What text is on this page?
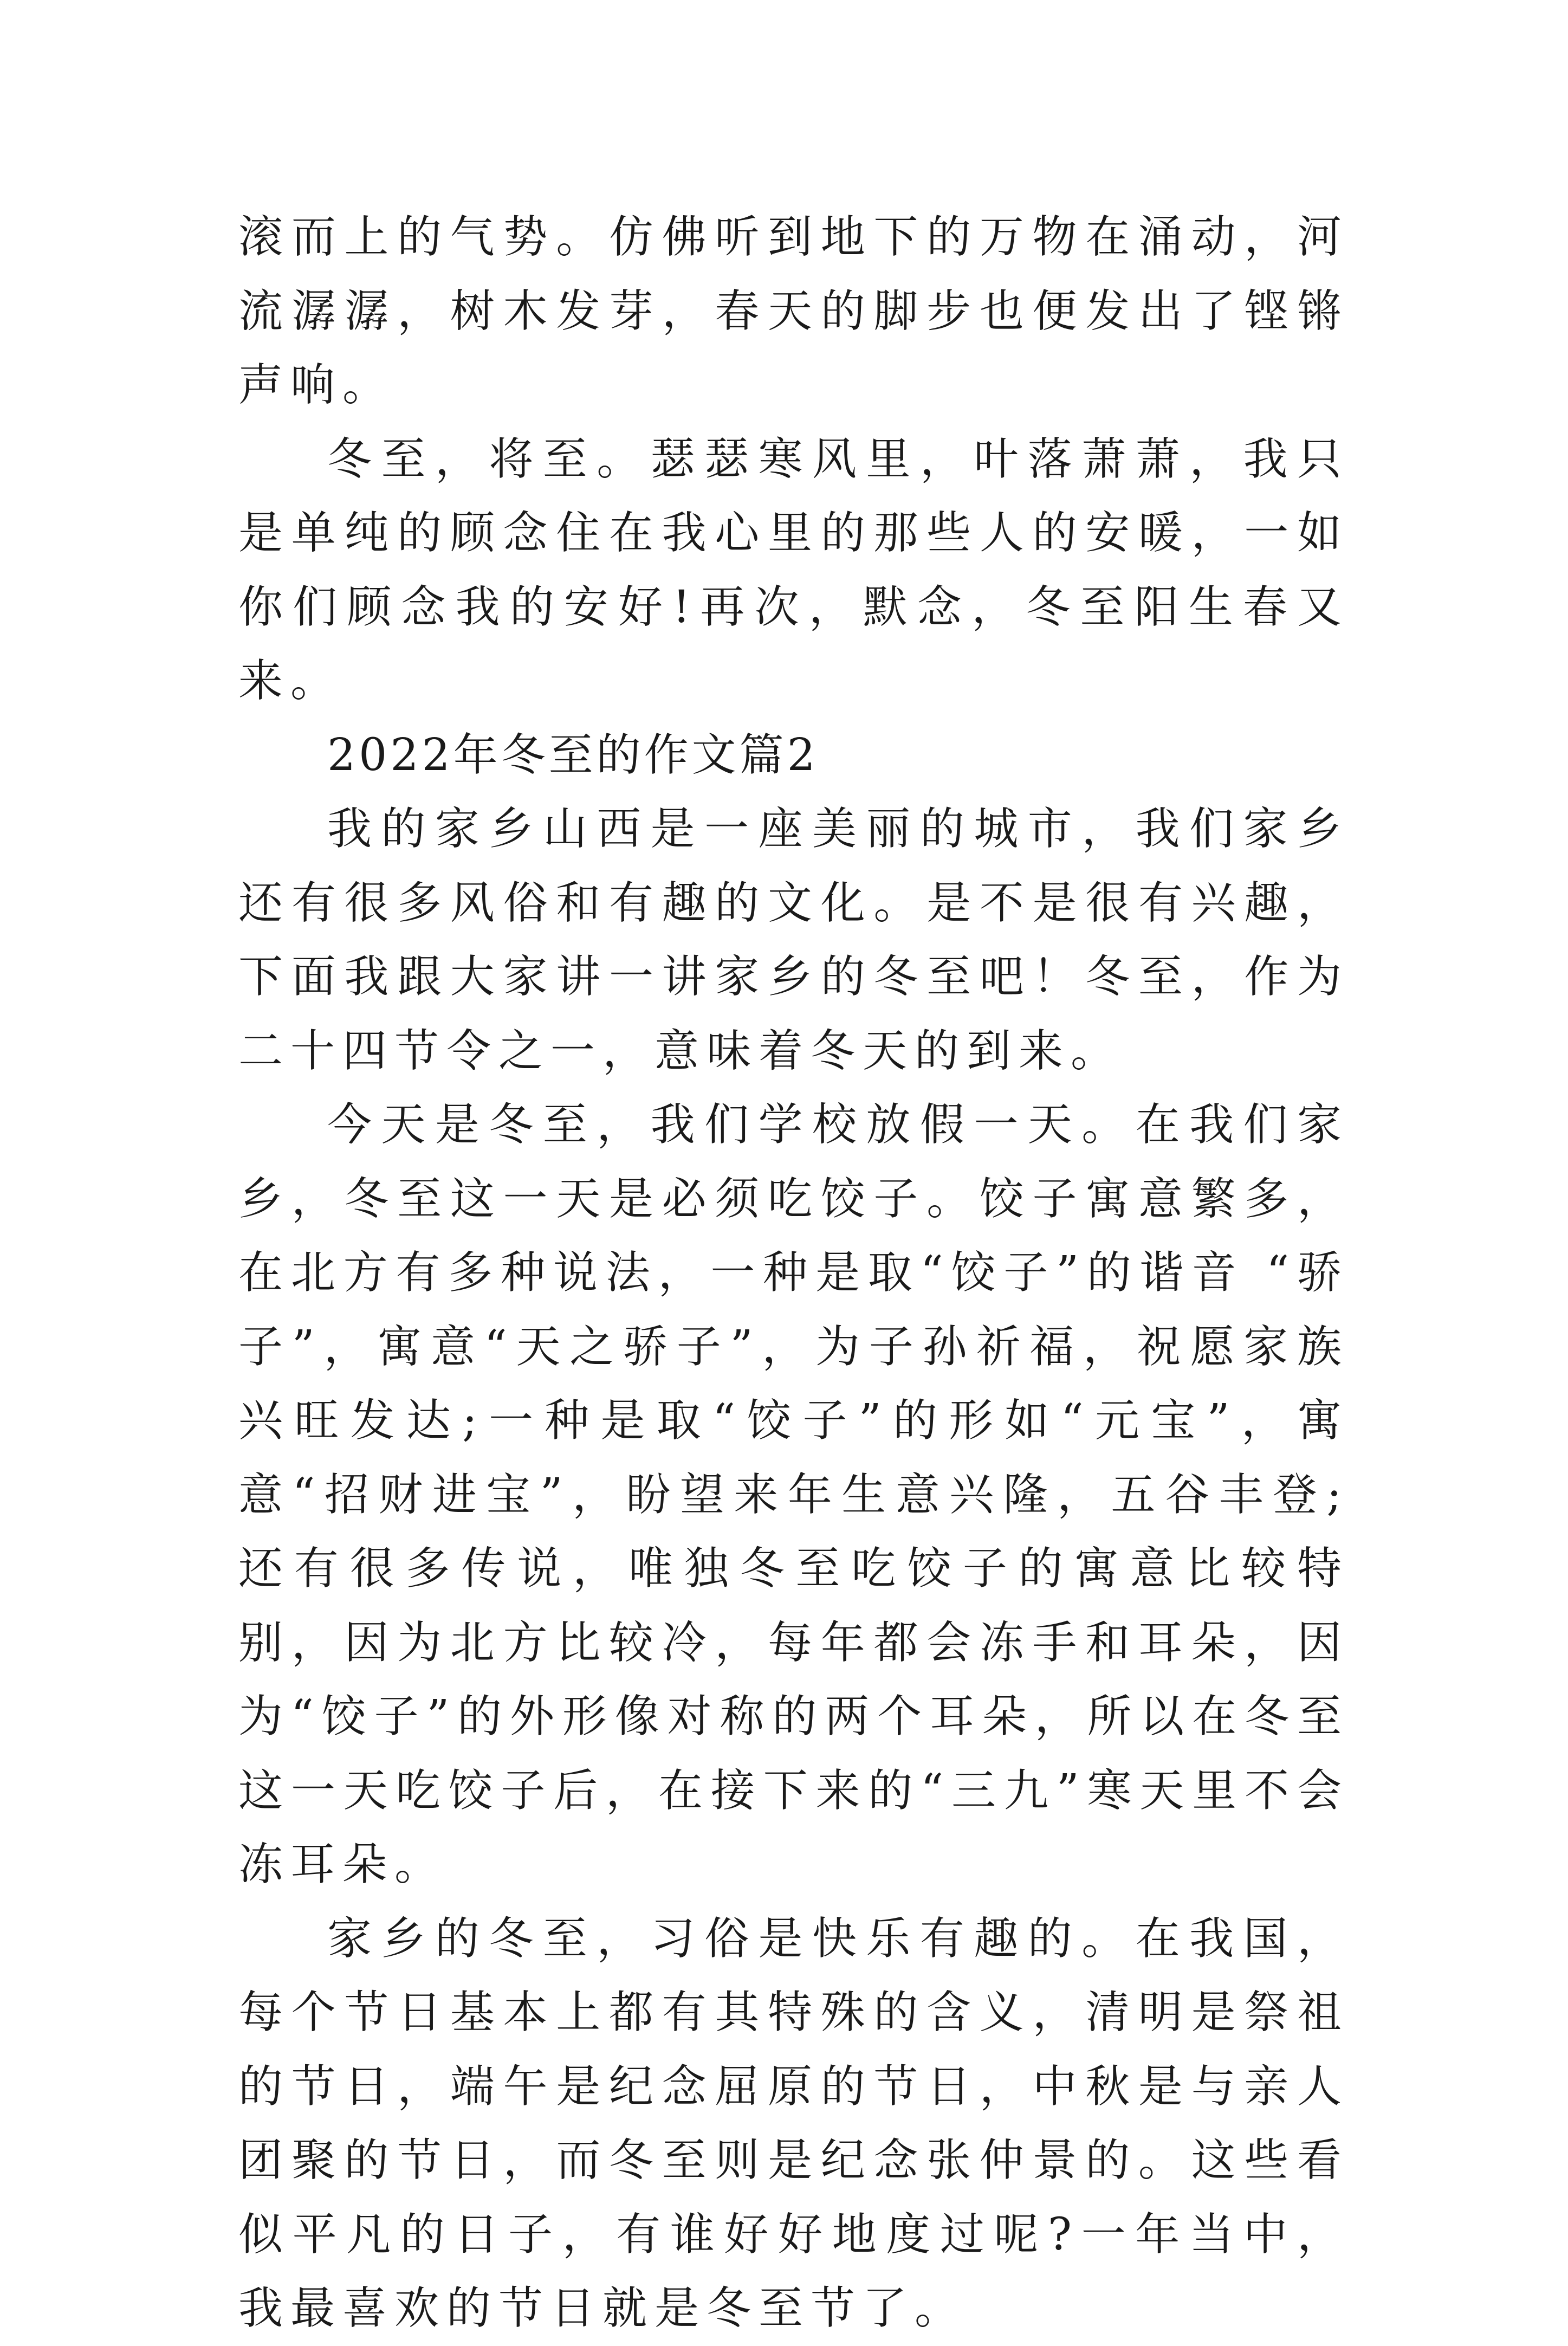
滚而上的气势。仿佛听到地下的万物在涌动，河流潺潺，树木发芽，春天的脚步也便发出了铿锵声响。

冬至，将至。瑟瑟寒风里，叶落萧萧，我只是单纯的顾念住在我心里的那些人的安暖，一如你们顾念我的安好!再次，默念，冬至阳生春又来。

2022年冬至的作文篇2

我的家乡山西是一座美丽的城市，我们家乡还有很多风俗和有趣的文化。是不是很有兴趣，下面我跟大家讲一讲家乡的冬至吧！冬至，作为二十四节令之一，意味着冬天的到来。

今天是冬至，我们学校放假一天。在我们家乡，冬至这一天是必须吃饺子。饺子寓意繁多，在北方有多种说法，一种是取“饺子”的谐音 “骄子”，寓意“天之骄子”，为子孙祈福，祝愿家族兴旺发达;一种是取“饺子”的形如“元宝”，寓意“招财进宝”，盼望来年生意兴隆，五谷丰登;还有很多传说，唯独冬至吃饺子的寓意比较特别，因为北方比较冷，每年都会冻手和耳朵，因为“饺子”的外形像对称的两个耳朵，所以在冬至这一天吃饺子后，在接下来的“三九”寒天里不会冻耳朵。

家乡的冬至，习俗是快乐有趣的。在我国，每个节日基本上都有其特殊的含义，清明是祭祖的节日，端午是纪念屈原的节日，中秋是与亲人团聚的节日，而冬至则是纪念张仲景的。这些看似平凡的日子，有谁好好地度过呢?一年当中，我最喜欢的节日就是冬至节了。
